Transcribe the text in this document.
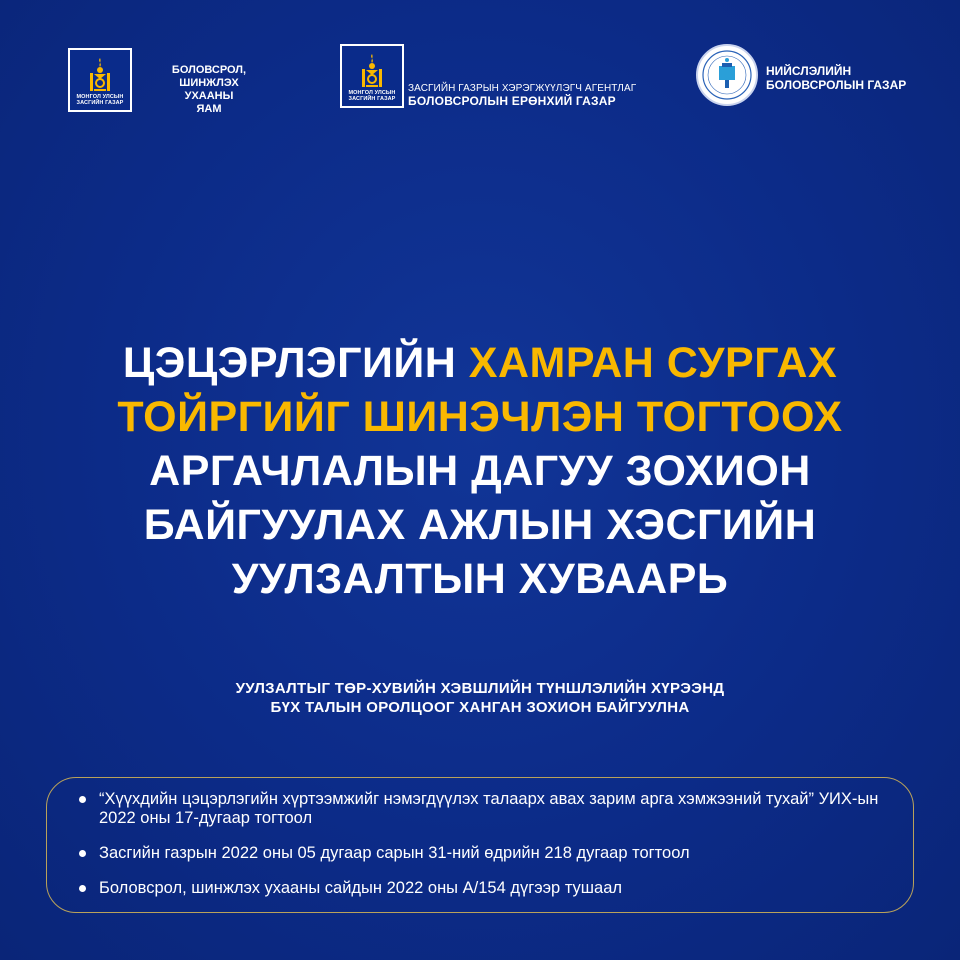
МОНГОЛ УЛСЫН ЗАСГИЙН ГАЗАР
БОЛОВСРОЛ,
ШИНЖЛЭХ УХААНЫ
ЯАМ
МОНГОЛ УЛСЫН ЗАСГИЙН ГАЗАР
ЗАСГИЙН ГАЗРЫН ХЭРЭГЖҮҮЛЭГЧ АГЕНТЛАГ
БОЛОВСРОЛЫН ЕРӨНХИЙ ГАЗАР
НИЙСЛЭЛИЙН
БОЛОВСРОЛЫН ГАЗАР
ЦЭЦЭРЛЭГИЙН ХАМРАН СУРГАХ
ТОЙРГИЙГ ШИНЭЧЛЭН ТОГТООХ
АРГАЧЛАЛЫН ДАГУУ ЗОХИОН
БАЙГУУЛАХ АЖЛЫН ХЭСГИЙН
УУЛЗАЛТЫН ХУВААРЬ
УУЛЗАЛТЫГ ТӨР-ХУВИЙН ХЭВШЛИЙН ТҮНШЛЭЛИЙН ХҮРЭЭНД
БҮХ ТАЛЫН ОРОЛЦООГ ХАНГАН ЗОХИОН БАЙГУУЛНА
“Хүүхдийн цэцэрлэгийн хүртээмжийг нэмэгдүүлэх талаарх авах зарим арга хэмжээний тухай” УИХ-ын 2022 оны 17-дугаар тогтоол
Засгийн газрын 2022 оны 05 дугаар сарын 31-ний өдрийн 218 дугаар тогтоол
Боловсрол, шинжлэх ухааны сайдын 2022 оны А/154 дүгээр тушаал
